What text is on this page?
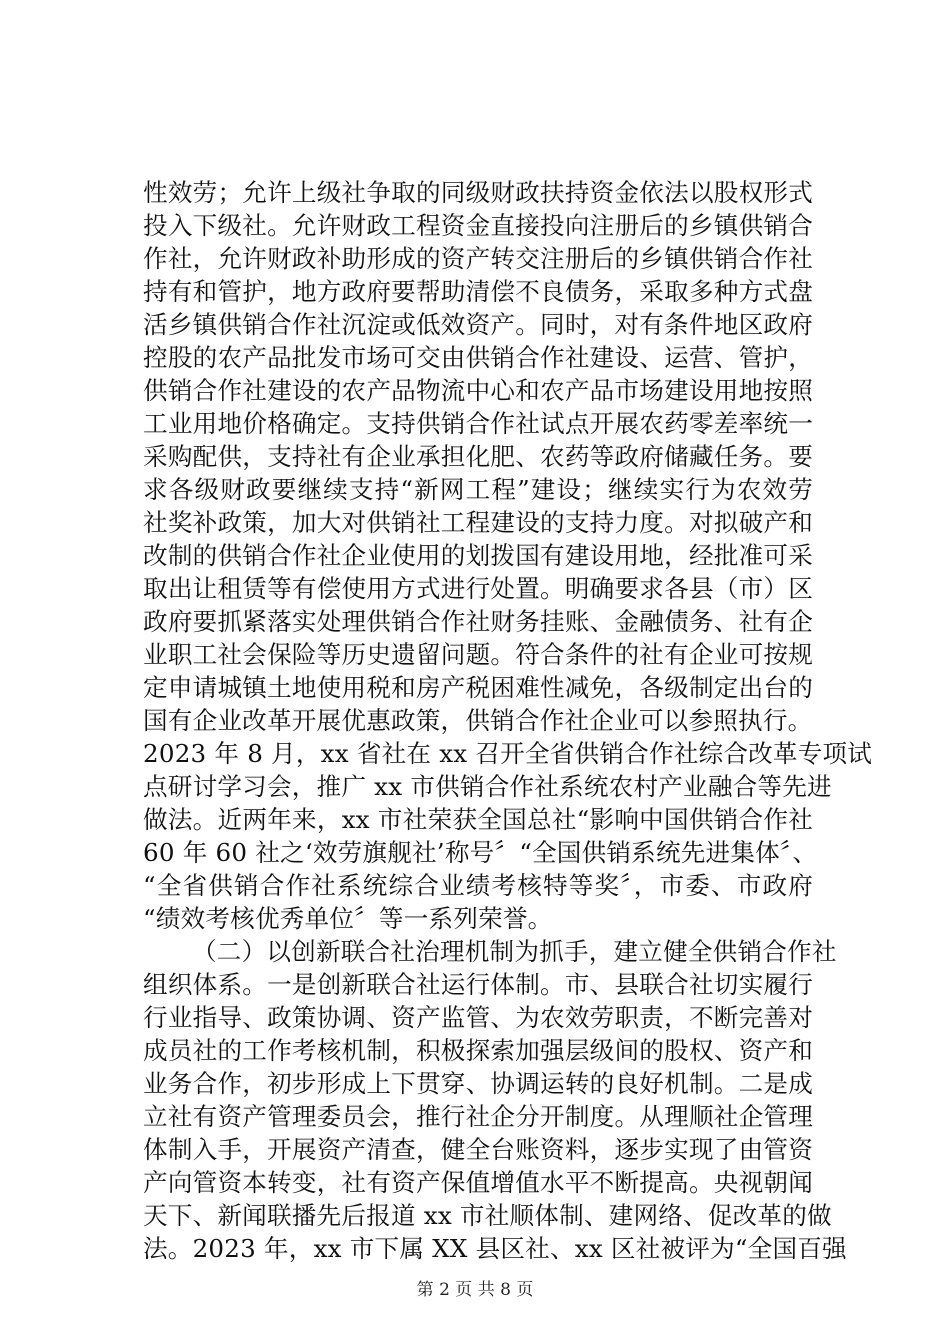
性效劳；允许上级社争取的同级财政扶持资金依法以股权形式
投入下级社。允许财政工程资金直接投向注册后的乡镇供销合
作社，允许财政补助形成的资产转交注册后的乡镇供销合作社
持有和管护，地方政府要帮助清偿不良债务，采取多种方式盘
活乡镇供销合作社沉淀或低效资产。同时，对有条件地区政府
控股的农产品批发市场可交由供销合作社建设、运营、管护，
供销合作社建设的农产品物流中心和农产品市场建设用地按照
工业用地价格确定。支持供销合作社试点开展农药零差率统一
采购配供，支持社有企业承担化肥、农药等政府储藏任务。要
求各级财政要继续支持“新网工程”建设；继续实行为农效劳
社奖补政策，加大对供销社工程建设的支持力度。对拟破产和
改制的供销合作社企业使用的划拨国有建设用地，经批准可采
取出让租赁等有偿使用方式进行处置。明确要求各县（市）区
政府要抓紧落实处理供销合作社财务挂账、金融债务、社有企
业职工社会保险等历史遗留问题。符合条件的社有企业可按规
定申请城镇土地使用税和房产税困难性减免，各级制定出台的
国有企业改革开展优惠政策，供销合作社企业可以参照执行。
2023 年 8 月，xx 省社在 xx 召开全省供销合作社综合改革专项试
点研讨学习会，推广 xx 市供销合作社系统农村产业融合等先进
做法。近两年来，xx 市社荣获全国总社“影响中国供销合作社
60 年 60 社之‘效劳旗舰社’称号〞“全国供销系统先进集体〞、
“全省供销合作社系统综合业绩考核特等奖〞，市委、市政府
“绩效考核优秀单位〞等一系列荣誉。
（二）以创新联合社治理机制为抓手，建立健全供销合作社
组织体系。一是创新联合社运行体制。市、县联合社切实履行
行业指导、政策协调、资产监管、为农效劳职责，不断完善对
成员社的工作考核机制，积极探索加强层级间的股权、资产和
业务合作，初步形成上下贯穿、协调运转的良好机制。二是成
立社有资产管理委员会，推行社企分开制度。从理顺社企管理
体制入手，开展资产清查，健全台账资料，逐步实现了由管资
产向管资本转变，社有资产保值增值水平不断提高。央视朝闻
天下、新闻联播先后报道 xx 市社顺体制、建网络、促改革的做
法。2023 年，xx 市下属 XX 县区社、xx 区社被评为“全国百强
第 2 页 共 8 页
